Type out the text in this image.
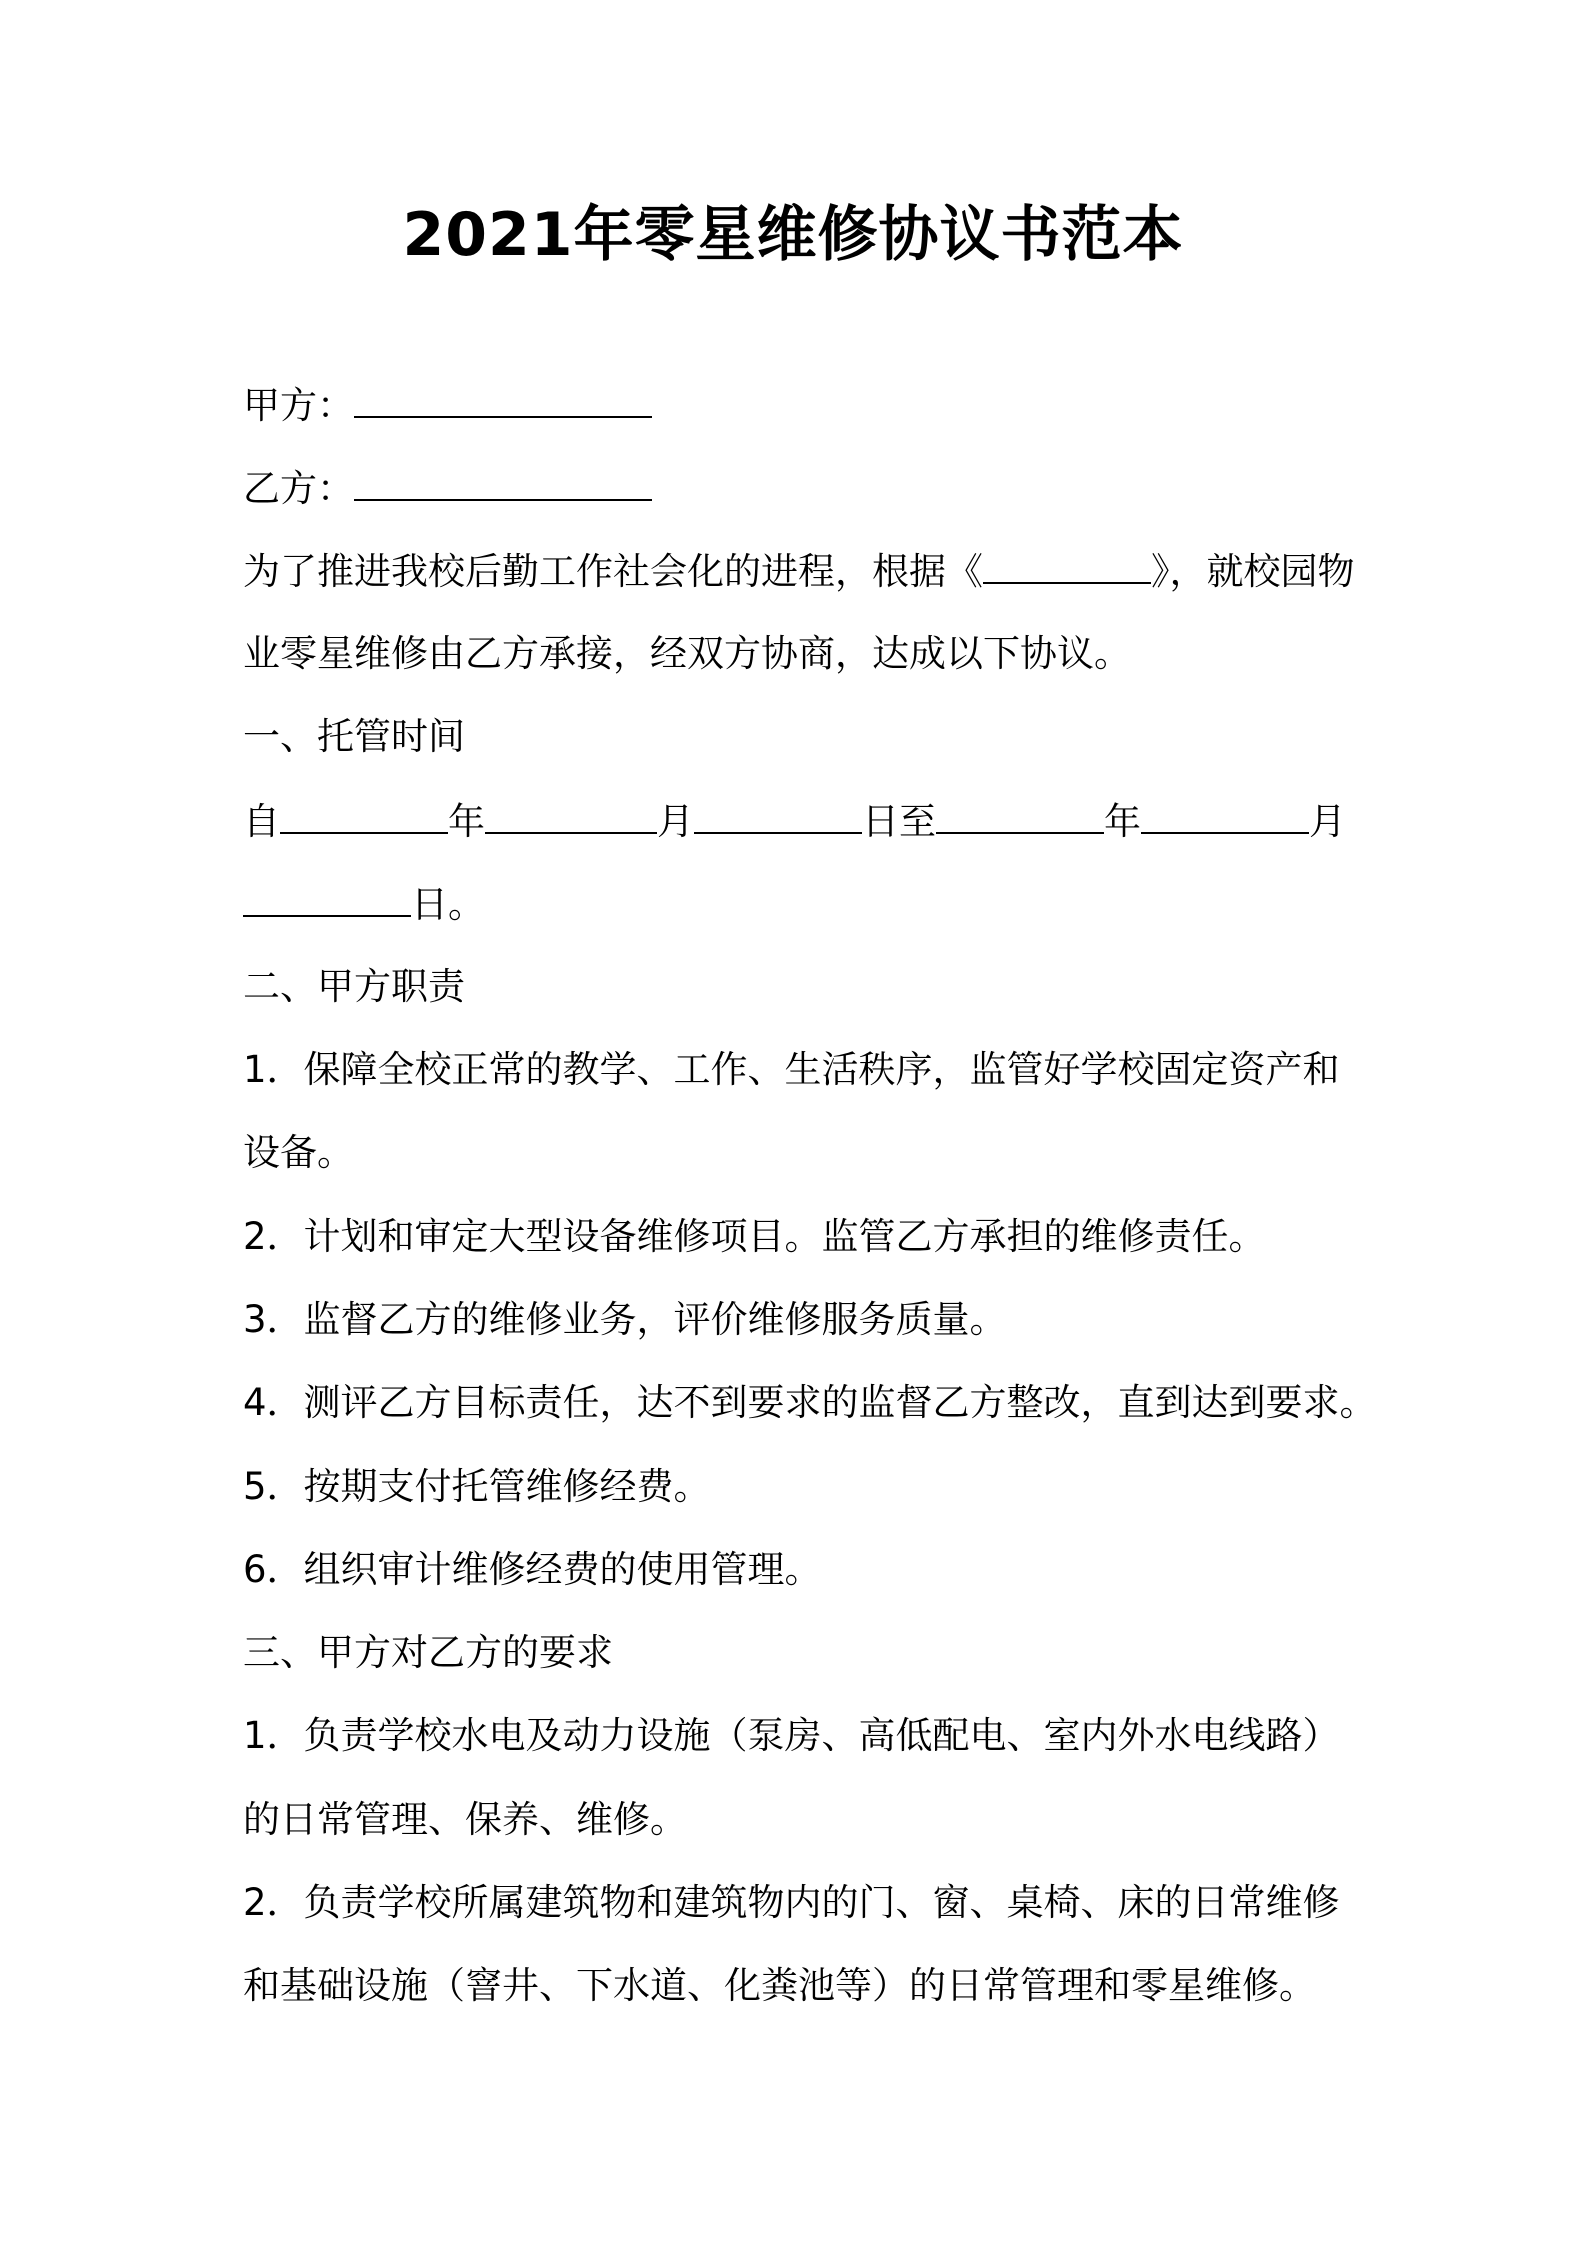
2021年零星维修协议书范本
甲方：
乙方：
为了推进我校后勤工作社会化的进程，根据《	》，就校园物
业零星维修由乙方承接，经双方协商，达成以下协议。
一、托管时间
自	年	月	日至	年	月
日。
二、甲方职责
1．保障全校正常的教学、工作、生活秩序，监管好学校固定资产和
设备。
2．计划和审定大型设备维修项目。监管乙方承担的维修责任。
3．监督乙方的维修业务，评价维修服务质量。
4．测评乙方目标责任，达不到要求的监督乙方整改，直到达到要求。
5．按期支付托管维修经费。
6．组织审计维修经费的使用管理。
三、甲方对乙方的要求
1．负责学校水电及动力设施（泵房、高低配电、室内外水电线路）
的日常管理、保养、维修。
2．负责学校所属建筑物和建筑物内的门、窗、桌椅、床的日常维修
和基础设施（窨井、下水道、化粪池等）的日常管理和零星维修。
